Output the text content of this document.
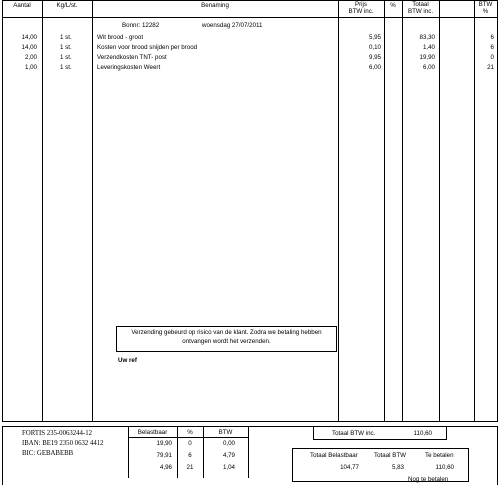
Aantal	Kg/L/st.	Benaming	Prijs
BTW inc.
%	Totaal
BTW inc.
BTW
%
Bonnr: 12282	woensdag 27/07/2011
14,00	1 st.	Wit brood - groot	5,95	83,30	6
14,00	1 st.	Kosten voor brood snijden per brood	0,10	1,40	6
2,00	1 st.	Verzendkosten TNT- post	9,95	19,90	0
1,00	1 st.	Leveringskosten Weert	6,00	6,00	21
Verzending gebeurd op risico van de klant. Zodra we betaling hebben
ontvangen wordt het verzenden.
Uw ref
FORTIS 235-0063244-12
IBAN: BE19 2350 0632 4412
BIC: GEBABEBB
Belastbaar	%	BTW
19,90	0	0,00
79,91	6	4,79
4,96	21	1,04
Totaal BTW inc.	110,60
Totaal Belastbaar	Totaal BTW	Te betalen
104,77	5,83	110,60
Nog te betalen
